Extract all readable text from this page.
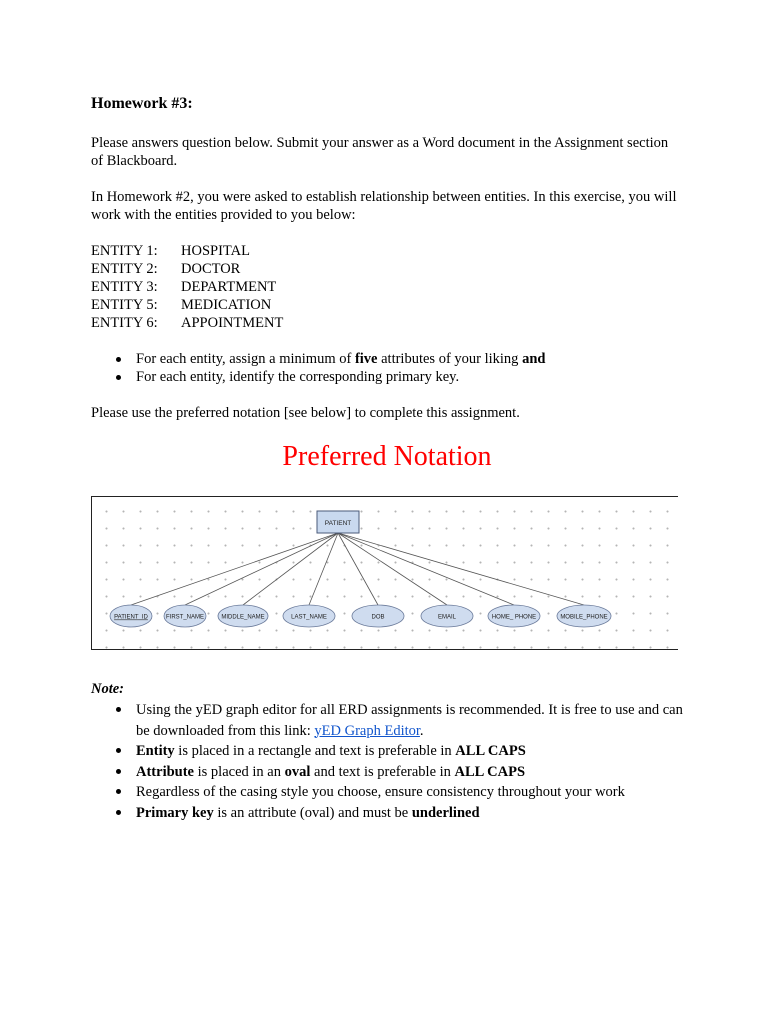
Homework #3:

Please answers question below. Submit your answer as a Word document in the Assignment section of Blackboard.

In Homework #2, you were asked to establish relationship between entities. In this exercise, you will work with the entities provided to you below:

ENTITY 1:	HOSPITAL
ENTITY 2:	DOCTOR
ENTITY 3:	DEPARTMENT
ENTITY 5:	MEDICATION
ENTITY 6:	APPOINTMENT
For each entity, assign a minimum of five attributes of your liking and
For each entity, identify the corresponding primary key.

Please use the preferred notation [see below] to complete this assignment.

Preferred Notation
PATIENT
PATIENT_ID	FIRST_NAME	MIDDLE_NAME	LAST_NAME	DOB	EMAIL	HOME_ PHONE	MOBILE_PHONE
Note:
Using the yED graph editor for all ERD assignments is recommended. It is free to use and can be downloaded from this link: yED Graph Editor.
Entity is placed in a rectangle and text is preferable in ALL CAPS
Attribute is placed in an oval and text is preferable in ALL CAPS
Regardless of the casing style you choose, ensure consistency throughout your work
Primary key is an attribute (oval) and must be underlined
